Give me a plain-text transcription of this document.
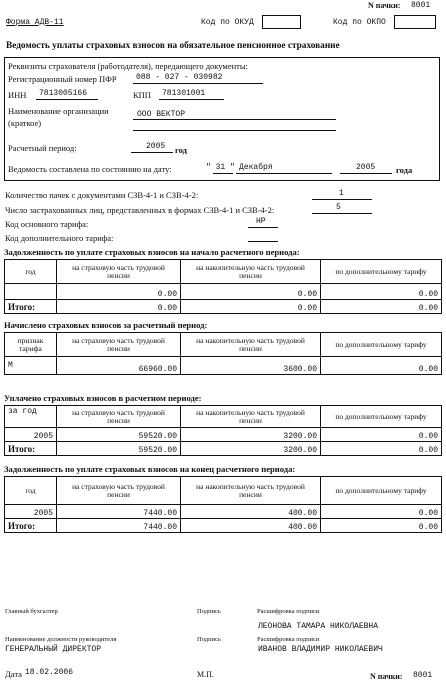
N пачки: 8001
Форма АДВ-11	Код по ОКУД	Код по ОКПО
Ведомость уплаты страховых взносов на обязательное пенсионное страхование
Реквизиты страхователя (работодателя), передающего документы:
Регистрационный номер ПФР 088 - 027 - 030982
ИНН 7813005166	КПП 781301001
Наименование организации
(краткое)
ООО ВЕКТОР
Расчетный период:	2005 год
Ведомость составлена по состоянию на дату:	" 31 " Декабря	2005 года
Количество пачек с документами СЗВ-4-1 и СЗВ-4-2:	1
Число застрахованных лиц, представленных в формах СЗВ-4-1 и СЗВ-4-2:	5
Код основного тарифа:	НР
Код дополнительного тарифа:
Задолженность по уплате страховых взносов на начало расчетного периода:
год	на страховую часть трудовой пенсии	на накопительную часть трудовой пенсии	по дополнительному тарифу
	0.00	0.00	0.00
Итого:	0.00	0.00	0.00
Начислено страховых взносов за расчетный период:
признак тарифа	на страховую часть трудовой пенсии	на накопительную часть трудовой пенсии	по дополнительному тарифу
М	66960.00	3600.00	0.00
Уплачено страховых взносов в расчетном периоде:
за год	на страховую часть трудовой пенсии	на накопительную часть трудовой пенсии	по дополнительному тарифу
2005	59520.00	3200.00	0.00
Итого:	59520.00	3200.00	0.00
Задолженность по уплате страховых взносов на конец расчетного периода:
год	на страховую часть трудовой пенсии	на накопительную часть трудовой пенсии	по дополнительному тарифу
2005	7440.00	400.00	0.00
Итого:	7440.00	400.00	0.00
Главный бухгалтер	Подпись	Расшифровка подписи
ЛЕОНОВА ТАМАРА НИКОЛАЕВНА
Наименование должности руководителя	Подпись	Расшифровка подписи
ГЕНЕРАЛЬНЫЙ ДИРЕКТОР	ИВАНОВ ВЛАДИМИР НИКОЛАЕВИЧ
Дата 18.02.2006	М.П.	N пачки: 8001
